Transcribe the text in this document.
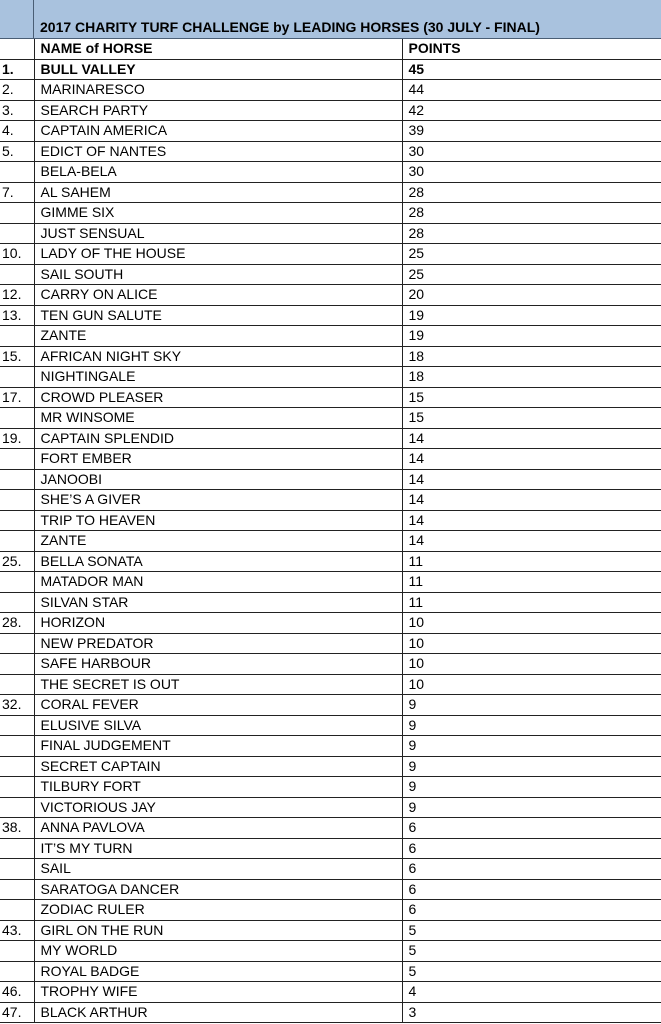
2017 CHARITY TURF CHALLENGE by LEADING HORSES (30 JULY - FINAL)
	NAME of HORSE	POINTS
1.	BULL VALLEY	45
2.	MARINARESCO	44
3.	SEARCH PARTY	42
4.	CAPTAIN AMERICA	39
5.	EDICT OF NANTES	30
	BELA-BELA	30
7.	AL SAHEM	28
	GIMME SIX	28
	JUST SENSUAL	28
10.	LADY OF THE HOUSE	25
	SAIL SOUTH	25
12.	CARRY ON ALICE	20
13.	TEN GUN SALUTE	19
	ZANTE	19
15.	AFRICAN NIGHT SKY	18
	NIGHTINGALE	18
17.	CROWD PLEASER	15
	MR WINSOME	15
19.	CAPTAIN SPLENDID	14
	FORT EMBER	14
	JANOOBI	14
	SHE’S A GIVER	14
	TRIP TO HEAVEN	14
	ZANTE	14
25.	BELLA SONATA	11
	MATADOR MAN	11
	SILVAN STAR	11
28.	HORIZON	10
	NEW PREDATOR	10
	SAFE HARBOUR	10
	THE SECRET IS OUT	10
32.	CORAL FEVER	9
	ELUSIVE SILVA	9
	FINAL JUDGEMENT	9
	SECRET CAPTAIN	9
	TILBURY FORT	9
	VICTORIOUS JAY	9
38.	ANNA PAVLOVA	6
	IT’S MY TURN	6
	SAIL	6
	SARATOGA DANCER	6
	ZODIAC RULER	6
43.	GIRL ON THE RUN	5
	MY WORLD	5
	ROYAL BADGE	5
46.	TROPHY WIFE	4
47.	BLACK ARTHUR	3
